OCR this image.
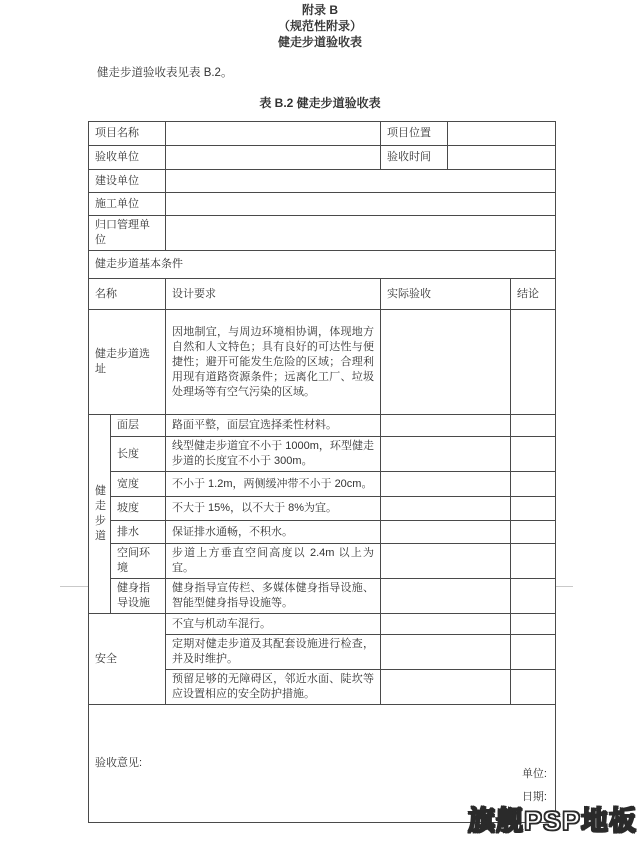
附录 B
（规范性附录）
健走步道验收表

健走步道验收表见表 B.2。

表 B.2 健走步道验收表
项目名称			项目位置		
验收单位			验收时间		
建设单位					
施工单位					
归口管理单位					
健走步道基本条件					
名称		设计要求	实际验收		结论
健走步道选址		因地制宜，与周边环境相协调，体现地方自然和人文特色；具有良好的可达性与便捷性；避开可能发生危险的区域；合理利用现有道路资源条件；远离化工厂、垃圾处理场等有空气污染的区域。			
健走步道	面层	路面平整，面层宜选择柔性材料。			
	长度	线型健走步道宜不小于 1000m，环型健走步道的长度宜不小于 300m。			
	宽度	不小于 1.2m，两侧缓冲带不小于 20cm。			
	坡度	不大于 15%，以不大于 8%为宜。			
	排水	保证排水通畅，不积水。			
	空间环境	步道上方垂直空间高度以 2.4m 以上为宜。			
	健身指导设施	健身指导宣传栏、多媒体健身指导设施、智能型健身指导设施等。			
安全		不宜与机动车混行。			
		定期对健走步道及其配套设施进行检查，并及时维护。			
		预留足够的无障碍区，邻近水面、陡坎等应设置相应的安全防护措施。			
验收意见:
单位:
日期:					
旗舰PSP地板
